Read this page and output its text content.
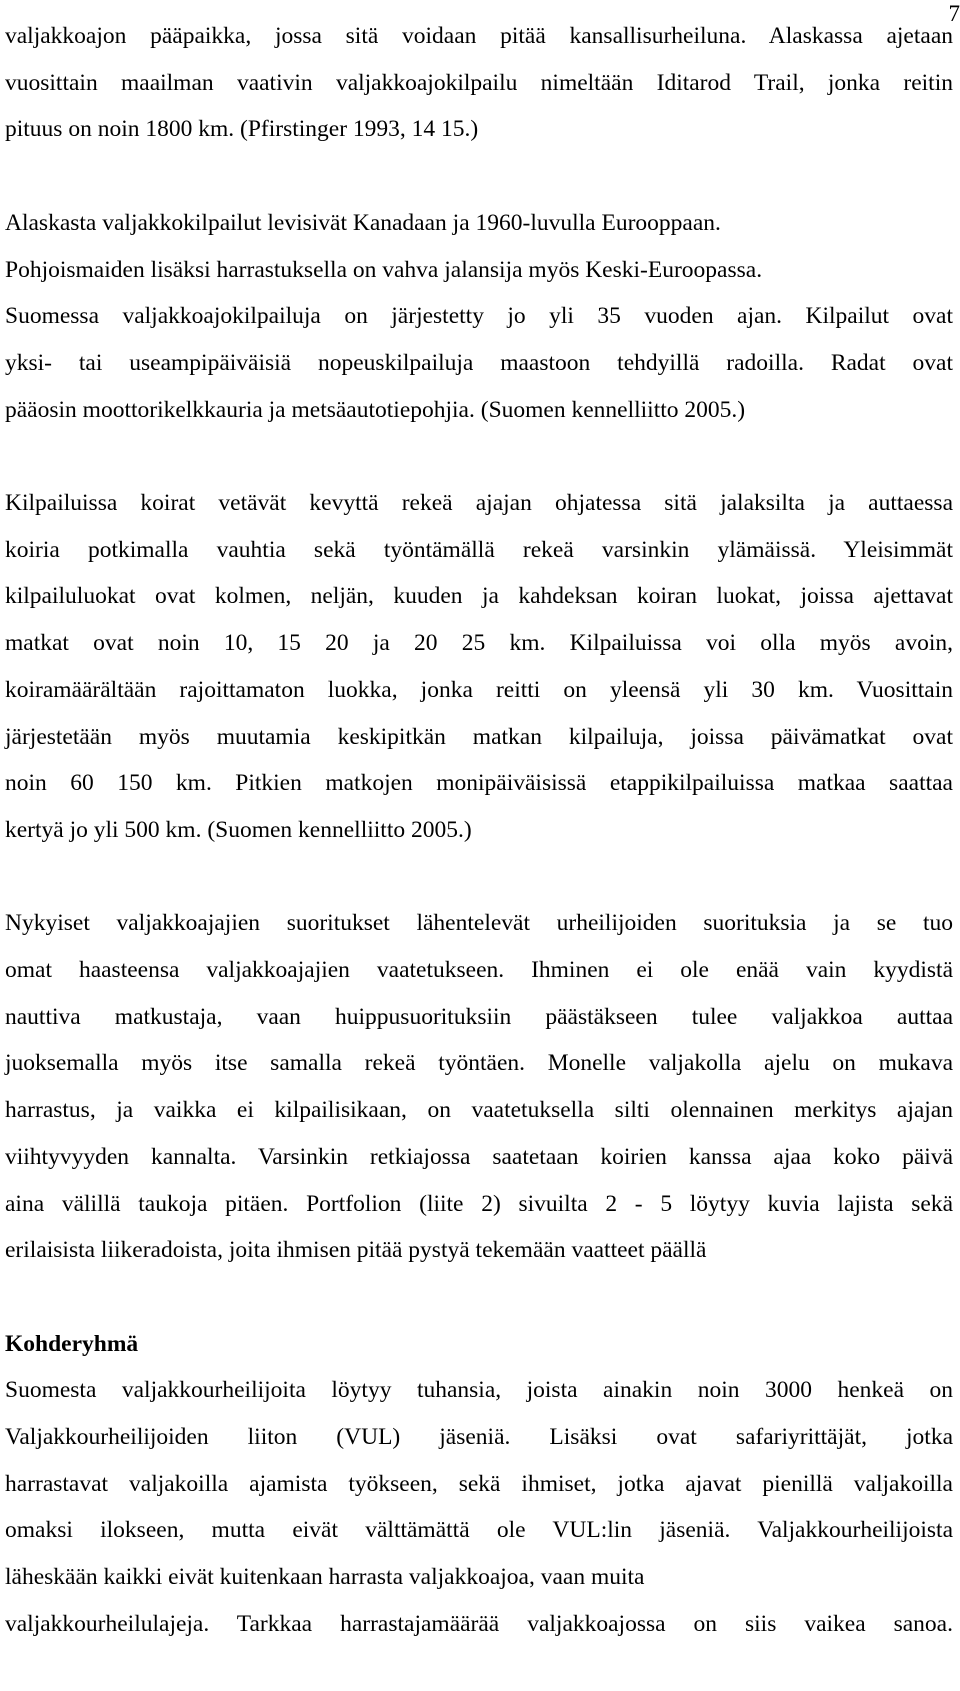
7
valjakkoajon pääpaikka, jossa sitä voidaan pitää kansallisurheiluna. Alaskassa ajetaan
vuosittain maailman vaativin valjakkoajokilpailu nimeltään Iditarod Trail, jonka reitin
pituus on noin 1800 km. (Pfirstinger 1993, 14 15.)
Alaskasta valjakkokilpailut levisivät Kanadaan ja 1960-luvulla Eurooppaan.
Pohjoismaiden lisäksi harrastuksella on vahva jalansija myös Keski-Euroopassa.
Suomessa valjakkoajokilpailuja on järjestetty jo yli 35 vuoden ajan. Kilpailut ovat
yksi- tai useampipäiväisiä nopeuskilpailuja maastoon tehdyillä radoilla. Radat ovat
pääosin moottorikelkkauria ja metsäautotiepohjia. (Suomen kennelliitto 2005.)
Kilpailuissa koirat vetävät kevyttä rekeä ajajan ohjatessa sitä jalaksilta ja auttaessa
koiria potkimalla vauhtia sekä työntämällä rekeä varsinkin ylämäissä. Yleisimmät
kilpailuluokat ovat kolmen, neljän, kuuden ja kahdeksan koiran luokat, joissa ajettavat
matkat ovat noin 10, 15 20 ja 20 25 km. Kilpailuissa voi olla myös avoin,
koiramäärältään rajoittamaton luokka, jonka reitti on yleensä yli 30 km. Vuosittain
järjestetään myös muutamia keskipitkän matkan kilpailuja, joissa päivämatkat ovat
noin 60 150 km. Pitkien matkojen monipäiväisissä etappikilpailuissa matkaa saattaa
kertyä jo yli 500 km. (Suomen kennelliitto 2005.)
Nykyiset valjakkoajajien suoritukset lähentelevät urheilijoiden suorituksia ja se tuo
omat haasteensa valjakkoajajien vaatetukseen. Ihminen ei ole enää vain kyydistä
nauttiva matkustaja, vaan huippusuorituksiin päästäkseen tulee valjakkoa auttaa
juoksemalla myös itse samalla rekeä työntäen. Monelle valjakolla ajelu on mukava
harrastus, ja vaikka ei kilpailisikaan, on vaatetuksella silti olennainen merkitys ajajan
viihtyvyyden kannalta. Varsinkin retkiajossa saatetaan koirien kanssa ajaa koko päivä
aina välillä taukoja pitäen. Portfolion (liite 2) sivuilta 2 - 5 löytyy kuvia lajista sekä
erilaisista liikeradoista, joita ihmisen pitää pystyä tekemään vaatteet päällä
Kohderyhmä
Suomesta valjakkourheilijoita löytyy tuhansia, joista ainakin noin 3000 henkeä on
Valjakkourheilijoiden liiton (VUL) jäseniä. Lisäksi ovat safariyrittäjät, jotka
harrastavat valjakoilla ajamista työkseen, sekä ihmiset, jotka ajavat pienillä valjakoilla
omaksi ilokseen, mutta eivät välttämättä ole VUL:lin jäseniä. Valjakkourheilijoista
läheskään kaikki eivät kuitenkaan harrasta valjakkoajoa, vaan muita
valjakkourheilulajeja. Tarkkaa harrastajamäärää valjakkoajossa on siis vaikea sanoa.
